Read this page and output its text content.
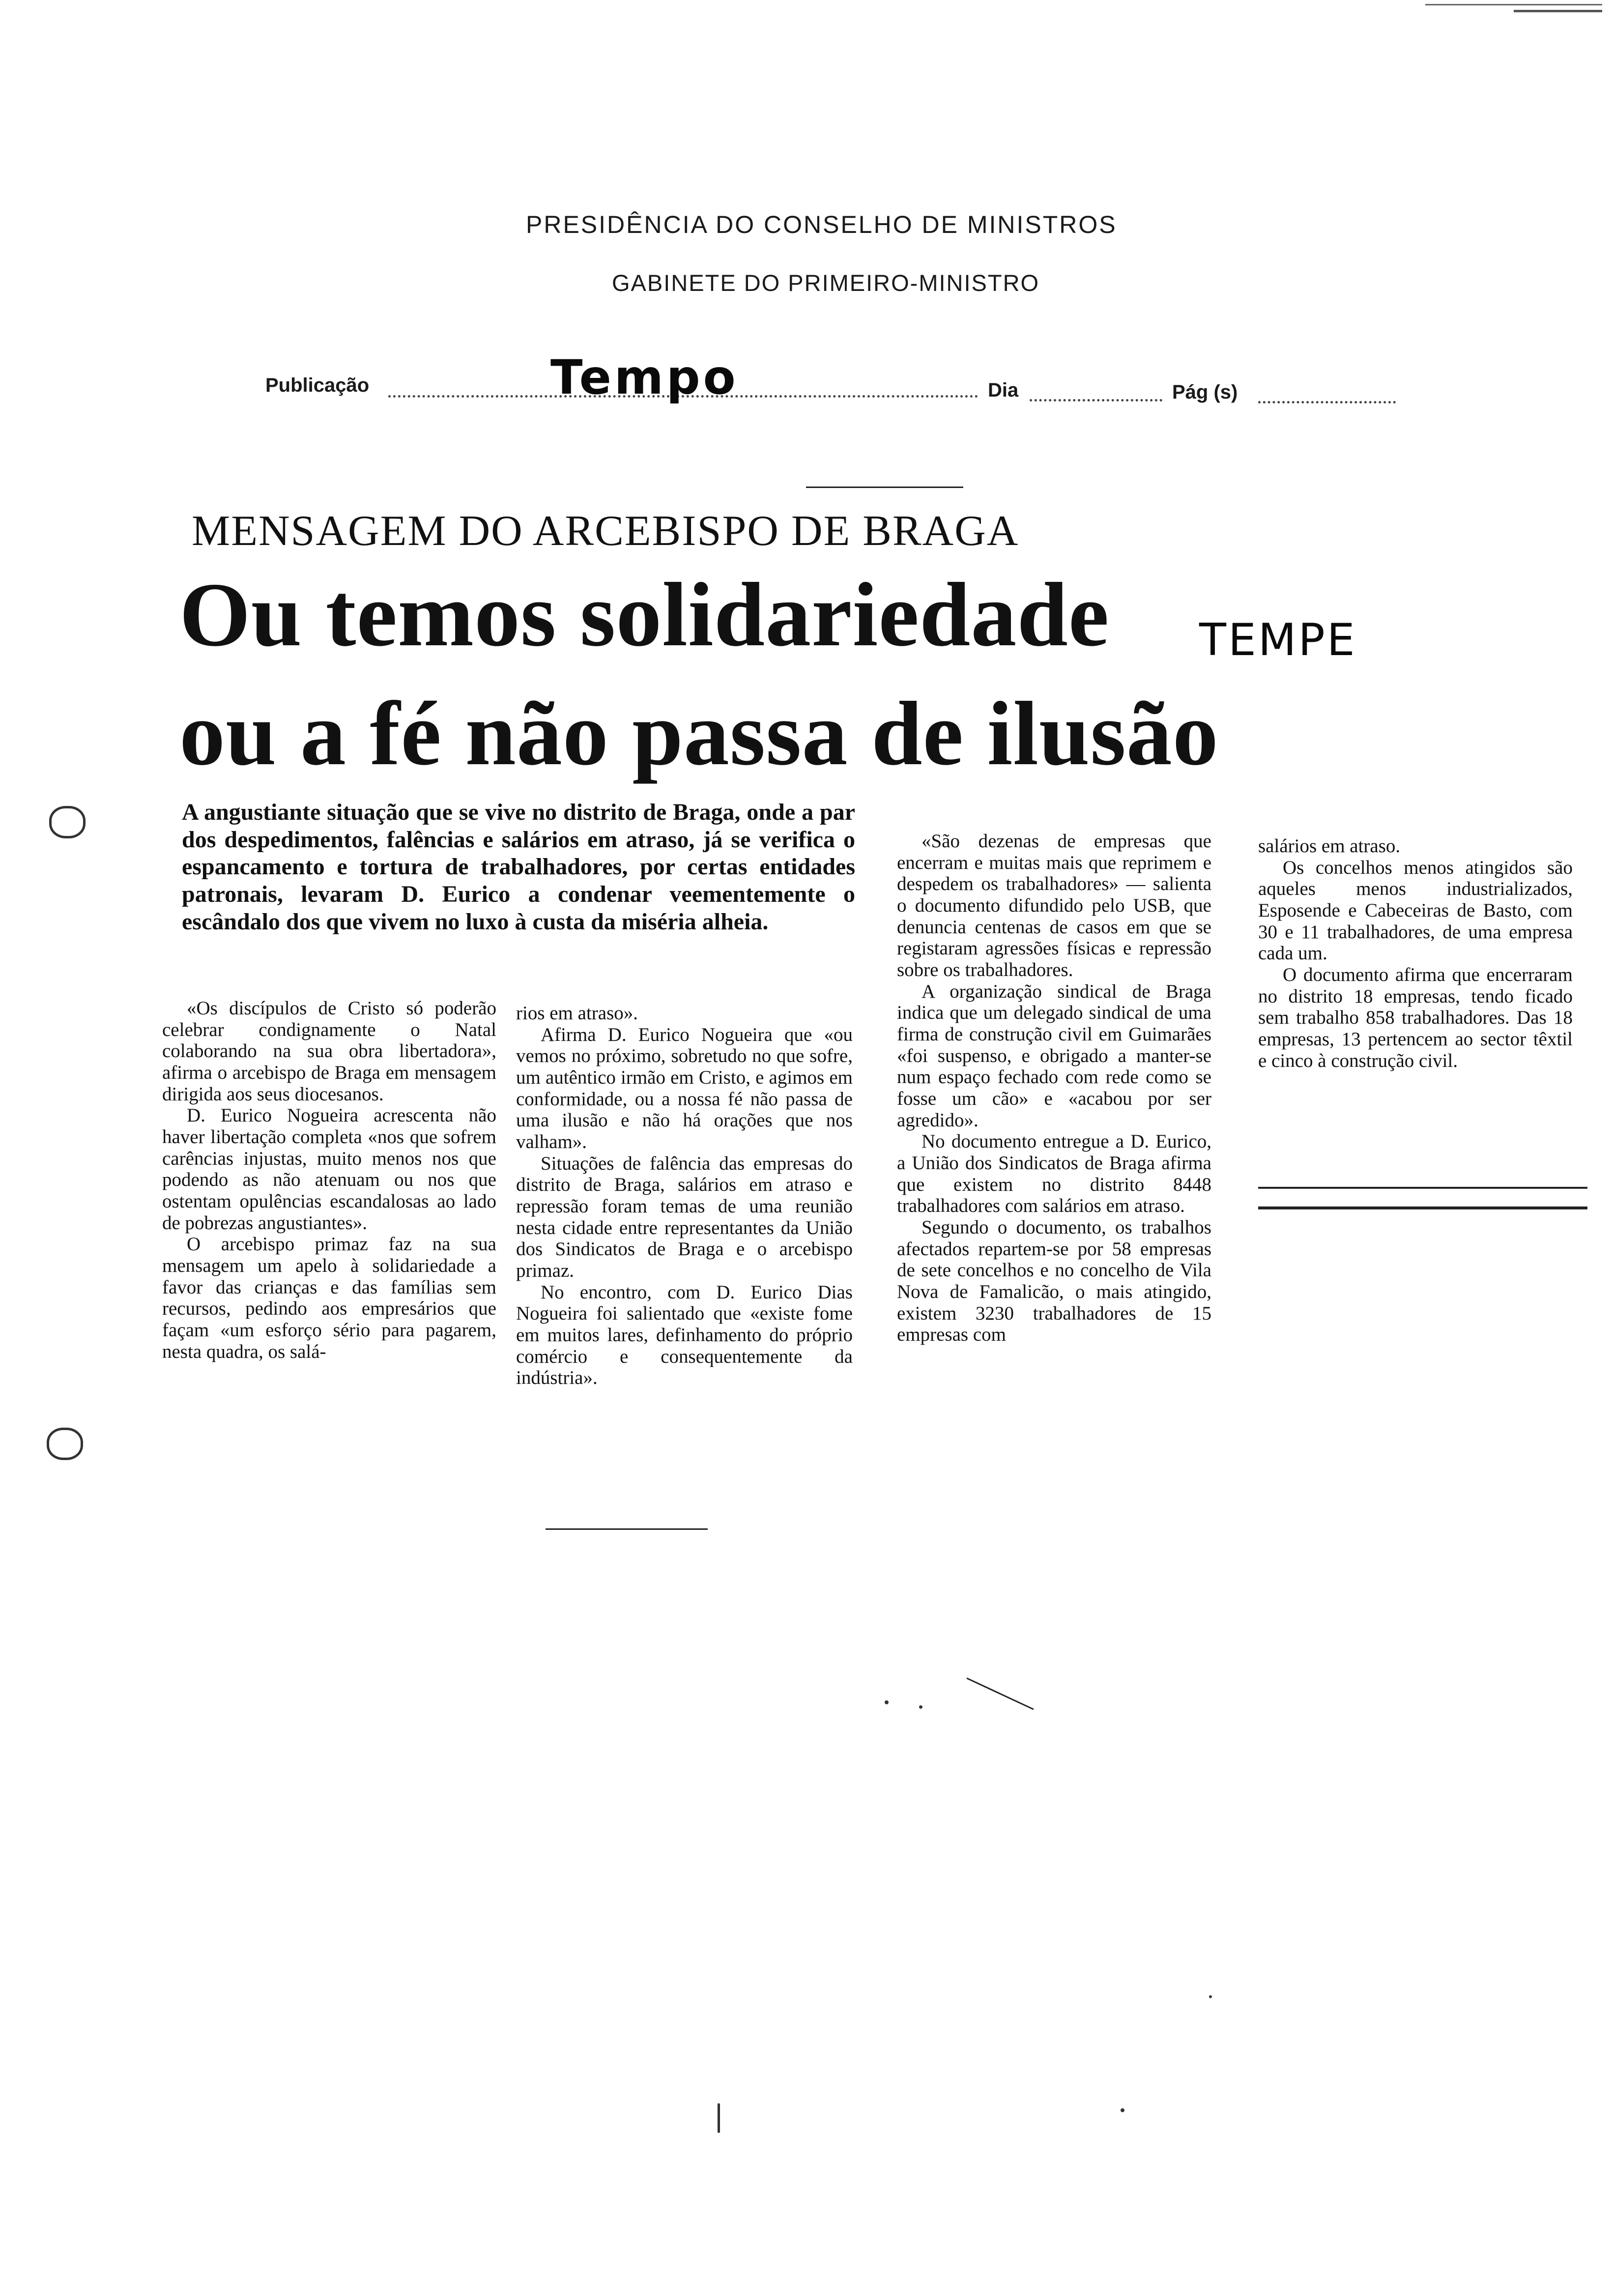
PRESIDÊNCIA DO CONSELHO DE MINISTROS
GABINETE DO PRIMEIRO-MINISTRO
Publicação	Tempo	Dia	Pág (s)
MENSAGEM DO ARCEBISPO DE BRAGA
Ou temos solidariedade TEMPE
ou a fé não passa de ilusão
A angustiante situação que se vive no distrito de Braga, onde a par dos despedimentos, falências e salários em atraso, já se verifica o espancamento e tortura de trabalhadores, por certas entidades patronais, levaram D. Eurico a condenar veementemente o escândalo dos que vivem no luxo à custa da miséria alheia.

«Os discípulos de Cristo só poderão celebrar condignamente o Natal colaborando na sua obra libertadora», afirma o arcebispo de Braga em mensagem dirigida aos seus diocesanos.

D. Eurico Nogueira acrescenta não haver libertação completa «nos que sofrem carências injustas, muito menos nos que podendo as não atenuam ou nos que ostentam opulências escandalosas ao lado de pobrezas angustiantes».

O arcebispo primaz faz na sua mensagem um apelo à solidariedade a favor das crianças e das famílias sem recursos, pedindo aos empresários que façam «um esforço sério para pagarem, nesta quadra, os salá-

rios em atraso».

Afirma D. Eurico Nogueira que «ou vemos no próximo, sobretudo no que sofre, um autêntico irmão em Cristo, e agimos em conformidade, ou a nossa fé não passa de uma ilusão e não há orações que nos valham».

Situações de falência das empresas do distrito de Braga, salários em atraso e repressão foram temas de uma reunião nesta cidade entre representantes da União dos Sindicatos de Braga e o arcebispo primaz.

No encontro, com D. Eurico Dias Nogueira foi salientado que «existe fome em muitos lares, definhamento do próprio comércio e consequentemente da indústria».

«São dezenas de empresas que encerram e muitas mais que reprimem e despedem os trabalhadores» — salienta o documento difundido pelo USB, que denuncia centenas de casos em que se registaram agressões físicas e repressão sobre os trabalhadores.

A organização sindical de Braga indica que um delegado sindical de uma firma de construção civil em Guimarães «foi suspenso, e obrigado a manter-se num espaço fechado com rede como se fosse um cão» e «acabou por ser agredido».

No documento entregue a D. Eurico, a União dos Sindicatos de Braga afirma que existem no distrito 8448 trabalhadores com salários em atraso.

Segundo o documento, os trabalhos afectados repartem-se por 58 empresas de sete concelhos e no concelho de Vila Nova de Famalicão, o mais atingido, existem 3230 trabalhadores de 15 empresas com

salários em atraso.

Os concelhos menos atingidos são aqueles menos industrializados, Esposende e Cabeceiras de Basto, com 30 e 11 trabalhadores, de uma empresa cada um.

O documento afirma que encerraram no distrito 18 empresas, tendo ficado sem trabalho 858 trabalhadores. Das 18 empresas, 13 pertencem ao sector têxtil e cinco à construção civil.
